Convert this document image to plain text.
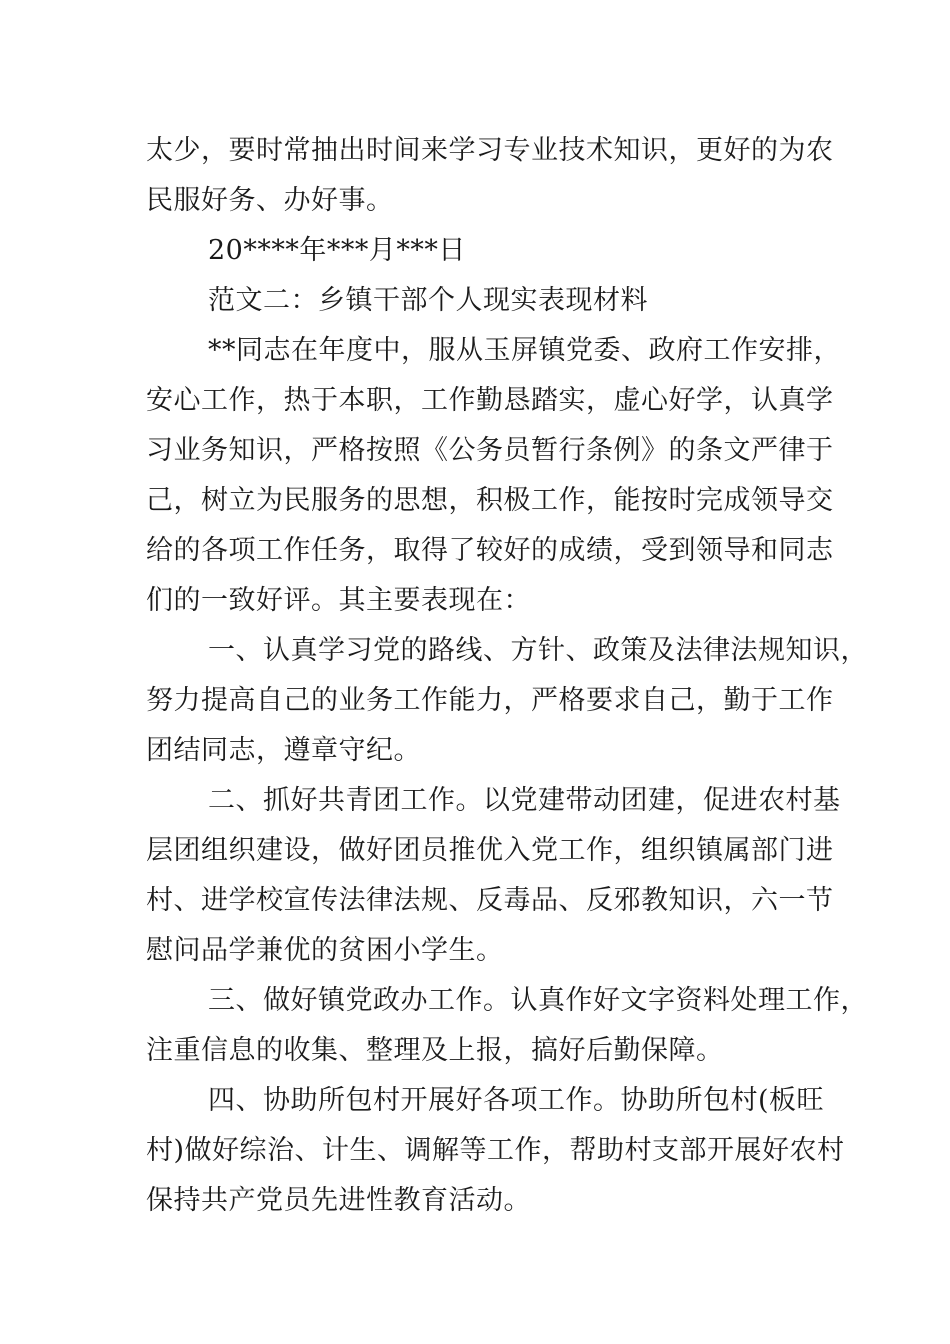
太少，要时常抽出时间来学习专业技术知识，更好的为农
民服好务、办好事。
20****年***月***日
范文二：乡镇干部个人现实表现材料
**同志在年度中，服从玉屏镇党委、政府工作安排，
安心工作，热于本职，工作勤恳踏实，虚心好学，认真学
习业务知识，严格按照《公务员暂行条例》的条文严律于
己，树立为民服务的思想，积极工作，能按时完成领导交
给的各项工作任务，取得了较好的成绩，受到领导和同志
们的一致好评。其主要表现在：
一、认真学习党的路线、方针、政策及法律法规知识，
努力提高自己的业务工作能力，严格要求自己，勤于工作
团结同志，遵章守纪。
二、抓好共青团工作。以党建带动团建，促进农村基
层团组织建设，做好团员推优入党工作，组织镇属部门进
村、进学校宣传法律法规、反毒品、反邪教知识，六一节
慰问品学兼优的贫困小学生。
三、做好镇党政办工作。认真作好文字资料处理工作，
注重信息的收集、整理及上报，搞好后勤保障。
四、协助所包村开展好各项工作。协助所包村(板旺
村)做好综治、计生、调解等工作，帮助村支部开展好农村
保持共产党员先进性教育活动。
